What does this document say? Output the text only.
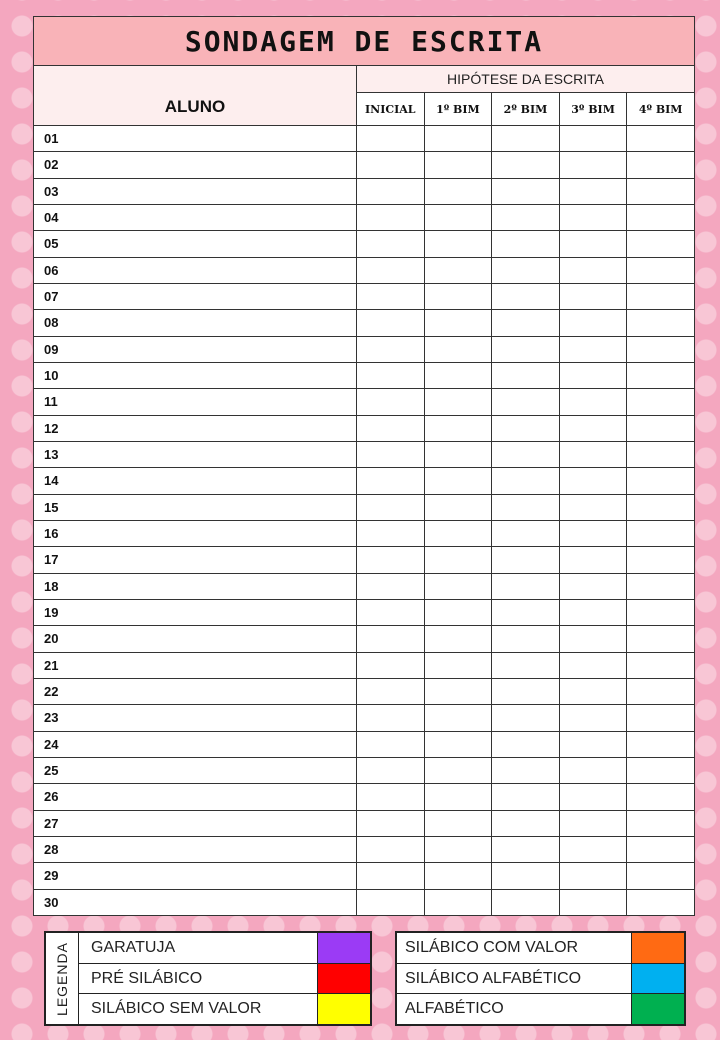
SONDAGEM DE ESCRITA
ALUNO
HIPÓTESE DA ESCRITA
INICIAL	1º BIM	2º BIM	3º BIM	4º BIM
01
02
03
04
05
06
07
08
09
10
11
12
13
14
15
16
17
18
19
20
21
22
23
24
25
26
27
28
29
30
LEGENDA	GARATUJA
PRÉ SILÁBICO
SILÁBICO SEM VALOR
SILÁBICO COM VALOR
SILÁBICO ALFABÉTICO
ALFABÉTICO
